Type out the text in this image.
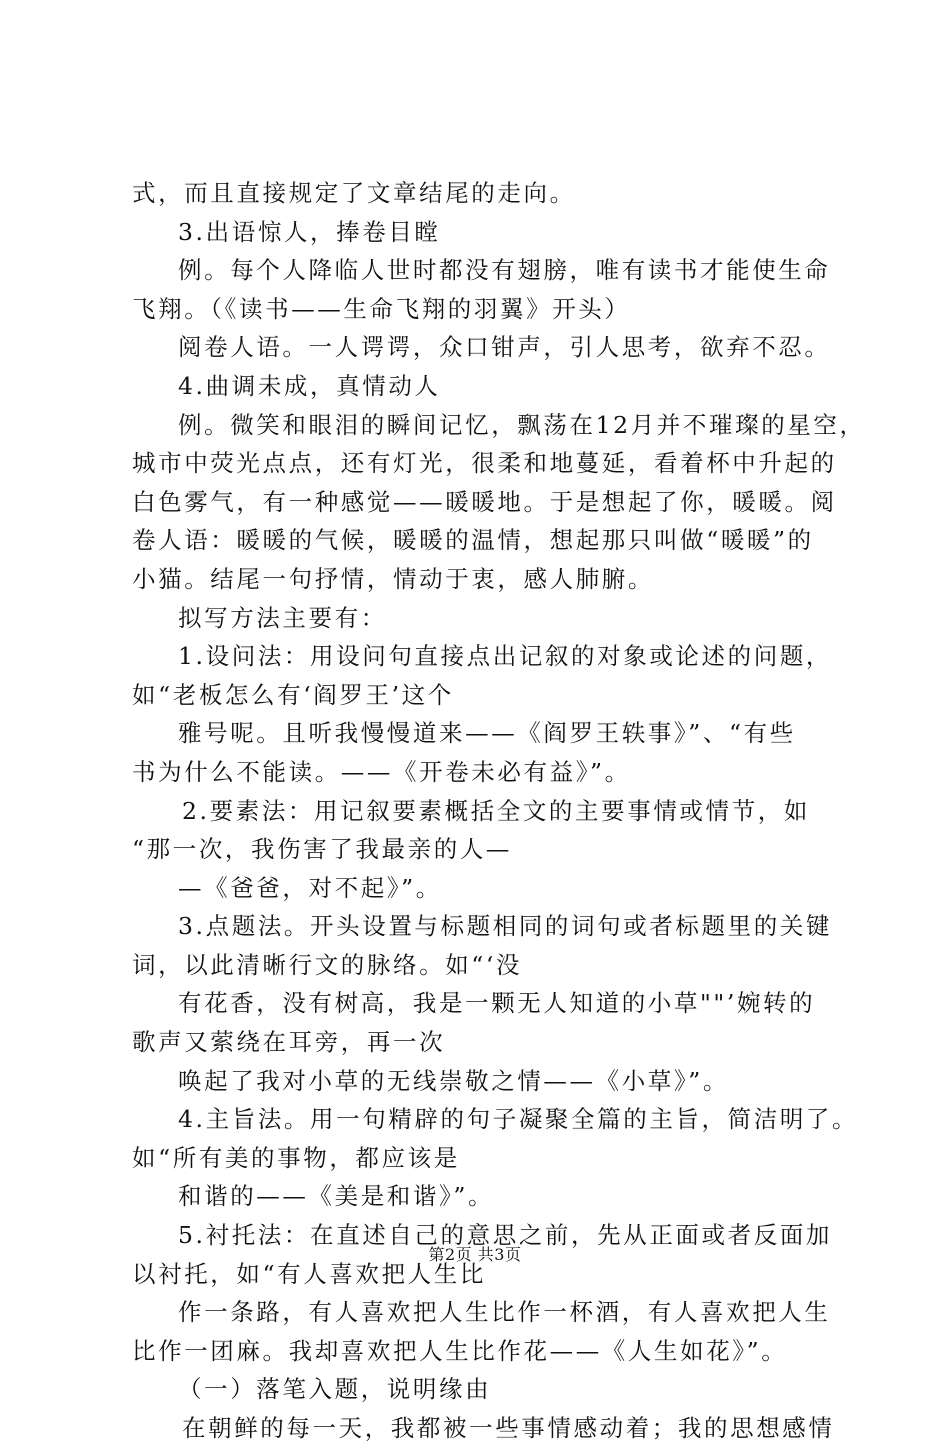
式，而且直接规定了文章结尾的走向。
3.出语惊人，捧卷目瞠
例。每个人降临人世时都没有翅膀，唯有读书才能使生命
飞翔。（《读书——生命飞翔的羽翼》开头）
阅卷人语。一人谔谔，众口钳声，引人思考，欲弃不忍。
4.曲调未成，真情动人
例。微笑和眼泪的瞬间记忆，飘荡在12月并不璀璨的星空，
城市中荧光点点，还有灯光，很柔和地蔓延，看着杯中升起的
白色雾气，有一种感觉——暖暖地。于是想起了你，暖暖。阅
卷人语：暖暖的气候，暖暖的温情，想起那只叫做“暖暖”的
小猫。结尾一句抒情，情动于衷，感人肺腑。
拟写方法主要有：
1.设问法：用设问句直接点出记叙的对象或论述的问题，
如“老板怎么有‘阎罗王’这个
雅号呢。且听我慢慢道来——《阎罗王轶事》”、“有些
书为什么不能读。——《开卷未必有益》”。
2.要素法：用记叙要素概括全文的主要事情或情节，如
“那一次，我伤害了我最亲的人—
—《爸爸，对不起》”。
3.点题法。开头设置与标题相同的词句或者标题里的关键
词，以此清晰行文的脉络。如“‘没
有花香，没有树高，我是一颗无人知道的小草""’婉转的
歌声又萦绕在耳旁，再一次
唤起了我对小草的无线崇敬之情——《小草》”。
4.主旨法。用一句精辟的句子凝聚全篇的主旨，简洁明了。
如“所有美的事物，都应该是
和谐的——《美是和谐》”。
5.衬托法：在直述自己的意思之前，先从正面或者反面加
以衬托，如“有人喜欢把人生比
作一条路，有人喜欢把人生比作一杯酒，有人喜欢把人生
比作一团麻。我却喜欢把人生比作花——《人生如花》”。
（一）落笔入题，说明缘由
在朝鲜的每一天，我都被一些事情感动着；我的思想感情
第2页 共3页
